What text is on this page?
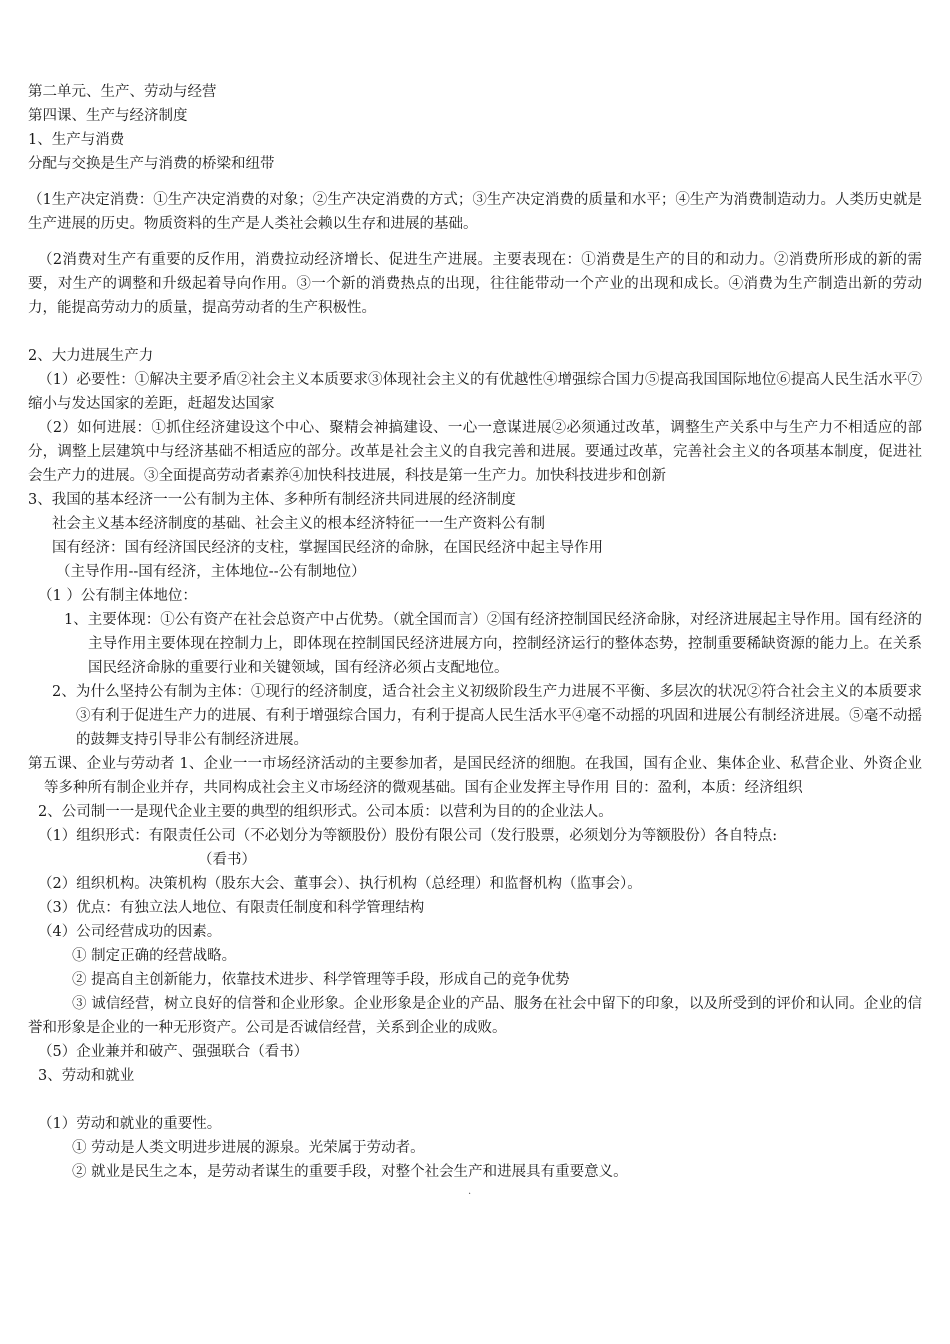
第二单元、生产、劳动与经营

第四课、生产与经济制度

1、生产与消费

分配与交换是生产与消费的桥梁和纽带

（1生产决定消费：①生产决定消费的对象；②生产决定消费的方式；③生产决定消费的质量和水平；④生产为消费制造动力。人类历史就是生产进展的历史。物质资料的生产是人类社会赖以生存和进展的基础。

（2消费对生产有重要的反作用，消费拉动经济增长、促进生产进展。主要表现在：①消费是生产的目的和动力。②消费所形成的新的需要，对生产的调整和升级起着导向作用。③一个新的消费热点的出现，往往能带动一个产业的出现和成长。④消费为生产制造出新的劳动力，能提高劳动力的质量，提高劳动者的生产积极性。

2、大力进展生产力

（1）必要性：①解决主要矛盾②社会主义本质要求③体现社会主义的有优越性④增强综合国力⑤提高我国国际地位⑥提高人民生活水平⑦缩小与发达国家的差距，赶超发达国家

（2）如何进展：①抓住经济建设这个中心、聚精会神搞建设、一心一意谋进展②必须通过改革，调整生产关系中与生产力不相适应的部分，调整上层建筑中与经济基础不相适应的部分。改革是社会主义的自我完善和进展。要通过改革，完善社会主义的各项基本制度，促进社会生产力的进展。③全面提高劳动者素养④加快科技进展，科技是第一生产力。加快科技进步和创新

3、我国的基本经济一一公有制为主体、多种所有制经济共同进展的经济制度

社会主义基本经济制度的基础、社会主义的根本经济特征一一生产资料公有制

国有经济：国有经济国民经济的支柱，掌握国民经济的命脉，在国民经济中起主导作用

（主导作用--国有经济，主体地位--公有制地位）

（1 ）公有制主体地位：

1、主要体现：①公有资产在社会总资产中占优势。（就全国而言）②国有经济控制国民经济命脉，对经济进展起主导作用。国有经济的主导作用主要体现在控制力上，即体现在控制国民经济进展方向，控制经济运行的整体态势，控制重要稀缺资源的能力上。在关系国民经济命脉的重要行业和关键领域，国有经济必须占支配地位。

2、为什么坚持公有制为主体：①现行的经济制度，适合社会主义初级阶段生产力进展不平衡、多层次的状况②符合社会主义的本质要求③有利于促进生产力的进展、有利于增强综合国力，有利于提高人民生活水平④毫不动摇的巩固和进展公有制经济进展。⑤毫不动摇的鼓舞支持引导非公有制经济进展。

第五课、企业与劳动者 1、企业一一市场经济活动的主要参加者，是国民经济的细胞。在我国，国有企业、集体企业、私营企业、外资企业等多种所有制企业并存，共同构成社会主义市场经济的微观基础。国有企业发挥主导作用 目的：盈利，本质：经济组织

2、公司制一一是现代企业主要的典型的组织形式。公司本质：以营利为目的的企业法人。

（1）组织形式：有限责任公司（不必划分为等额股份）股份有限公司（发行股票，必须划分为等额股份）各自特点:

（看书）

（2）组织机构。决策机构（股东大会、董事会）、执行机构（总经理）和监督机构（监事会）。

（3）优点：有独立法人地位、有限责任制度和科学管理结构

（4）公司经营成功的因素。

① 制定正确的经营战略。

② 提高自主创新能力，依靠技术进步、科学管理等手段，形成自己的竞争优势

③ 诚信经营，树立良好的信誉和企业形象。企业形象是企业的产品、服务在社会中留下的印象，以及所受到的评价和认同。企业的信誉和形象是企业的一种无形资产。公司是否诚信经营，关系到企业的成败。

（5）企业兼并和破产、强强联合（看书）

3、劳动和就业

.

（1）劳动和就业的重要性。

① 劳动是人类文明进步进展的源泉。光荣属于劳动者。

② 就业是民生之本，是劳动者谋生的重要手段，对整个社会生产和进展具有重要意义。
